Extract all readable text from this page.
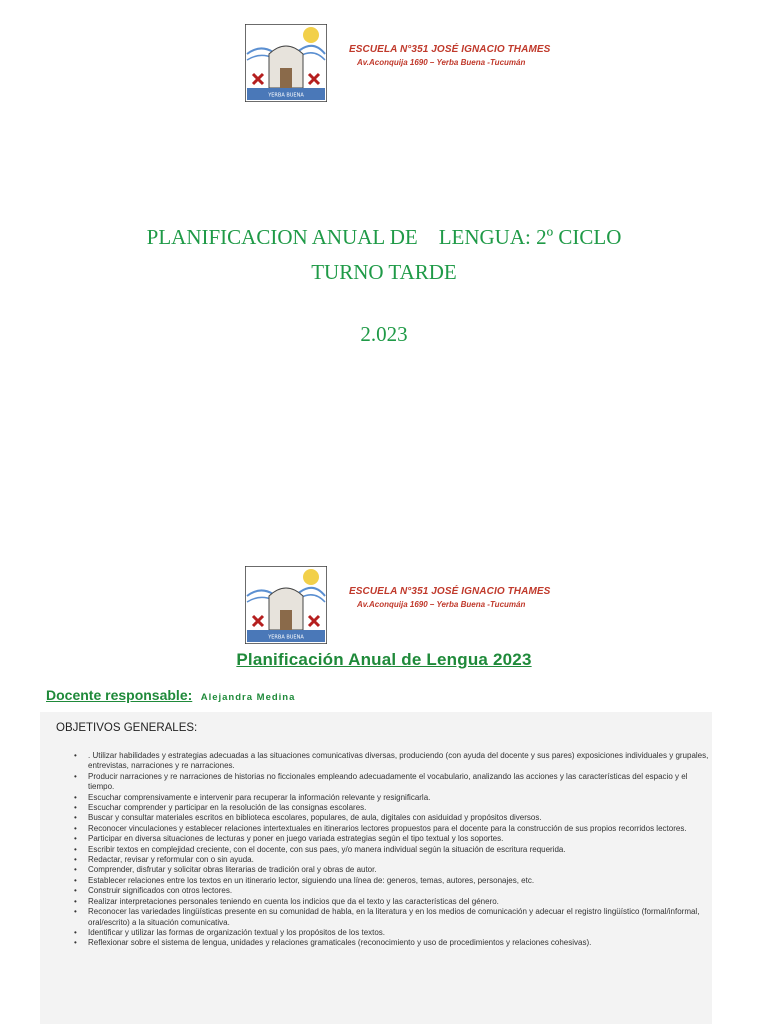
YERBA BUENA
ESCUELA N°351 JOSÉ IGNACIO THAMES
Av.Aconquija 1690 – Yerba Buena -Tucumán
PLANIFICACION ANUAL DE    LENGUA: 2º CICLO
TURNO TARDE
2.023
YERBA BUENA
ESCUELA N°351 JOSÉ IGNACIO THAMES
Av.Aconquija 1690 – Yerba Buena -Tucumán
Planificación Anual de Lengua 2023
Docente responsable: Alejandra Medina
OBJETIVOS GENERALES:
• . Utilizar habilidades y estrategias adecuadas a las situaciones comunicativas diversas, produciendo (con ayuda del docente y sus pares) exposiciones individuales y grupales, entrevistas, narraciones y re narraciones.
• Producir narraciones y re narraciones de historias no ficcionales empleando adecuadamente el vocabulario, analizando las acciones y las características del espacio y el tiempo.
• Escuchar comprensivamente e intervenir para recuperar la información relevante y resignificarla.
• Escuchar comprender y participar en la resolución de las consignas escolares.
• Buscar y consultar materiales escritos en biblioteca escolares, populares, de aula, digitales con asiduidad y propósitos diversos.
• Reconocer vinculaciones y establecer relaciones intertextuales en itinerarios lectores propuestos para el docente para la construcción de sus propios recorridos lectores.
• Participar en diversa situaciones de lecturas y poner en juego variada estrategias según el tipo textual y los soportes.
• Escribir textos en complejidad creciente, con el docente, con sus paes, y/o manera individual según la situación de escritura requerida.
• Redactar, revisar y reformular con o sin ayuda.
• Comprender, disfrutar y solicitar obras literarias de tradición oral y obras de autor.
• Establecer relaciones entre los textos en un itinerario lector, siguiendo una línea de: generos, temas, autores, personajes, etc.
• Construir significados con otros lectores.
• Realizar interpretaciones personales teniendo en cuenta los indicios que da el texto y las características del género.
• Reconocer las variedades lingüísticas presente en su comunidad de habla, en la literatura y en los medios de comunicación y adecuar el registro lingüístico (formal/informal, oral/escrito) a la situación comunicativa.
• Identificar y utilizar las formas de organización textual y los propósitos de los textos.
• Reflexionar sobre el sistema de lengua, unidades y relaciones gramaticales (reconocimiento y uso de procedimientos y relaciones cohesivas).
